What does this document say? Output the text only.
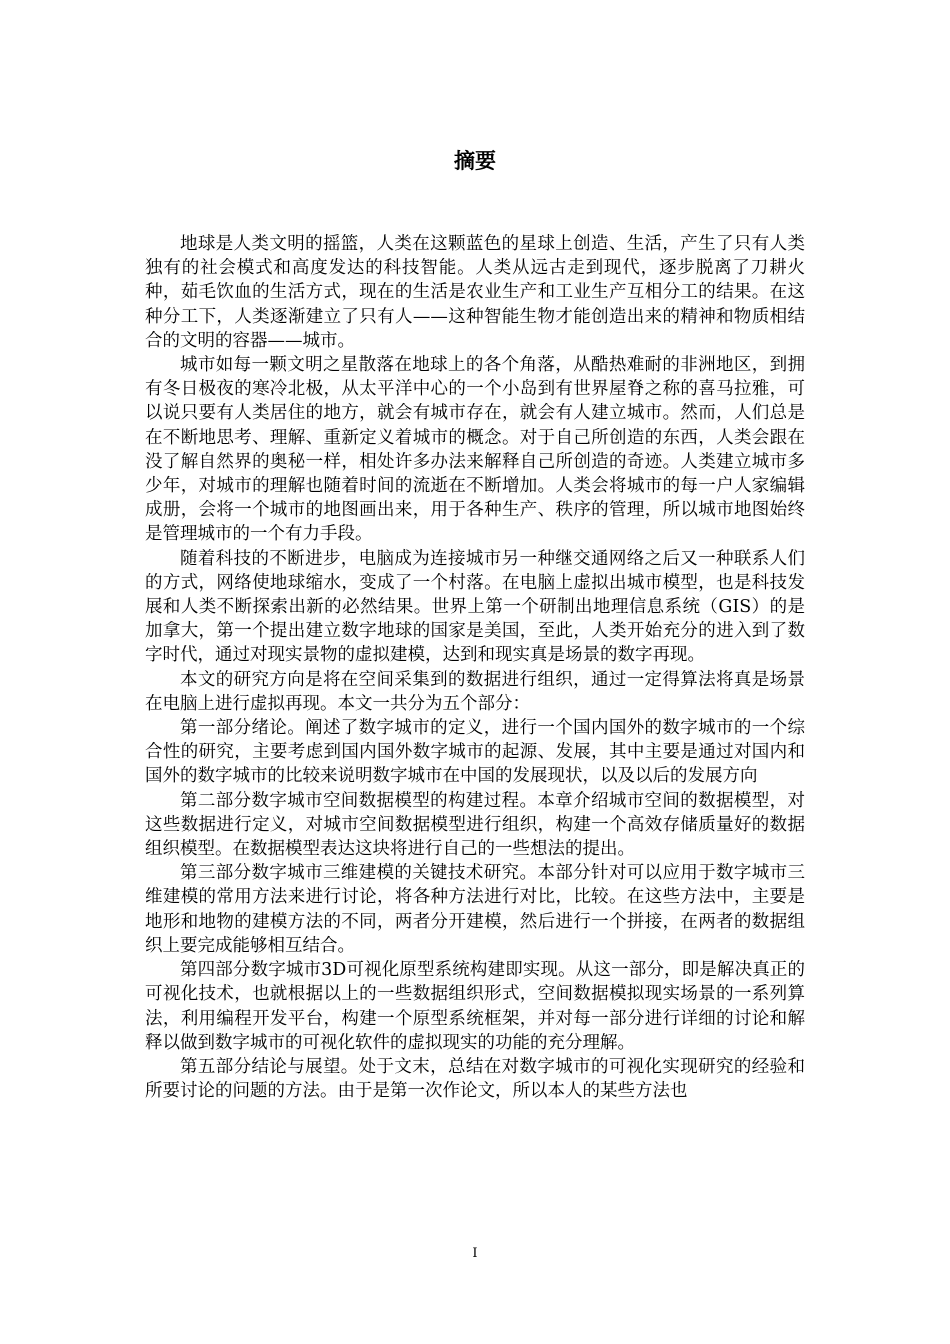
摘要

地球是人类文明的摇篮，人类在这颗蓝色的星球上创造、生活，产生了只有人类独有的社会模式和高度发达的科技智能。人类从远古走到现代，逐步脱离了刀耕火种，茹毛饮血的生活方式，现在的生活是农业生产和工业生产互相分工的结果。在这种分工下，人类逐渐建立了只有人——这种智能生物才能创造出来的精神和物质相结合的文明的容器——城市。

城市如每一颗文明之星散落在地球上的各个角落，从酷热难耐的非洲地区，到拥有冬日极夜的寒冷北极，从太平洋中心的一个小岛到有世界屋脊之称的喜马拉雅，可以说只要有人类居住的地方，就会有城市存在，就会有人建立城市。然而，人们总是在不断地思考、理解、重新定义着城市的概念。对于自己所创造的东西，人类会跟在没了解自然界的奥秘一样，相处许多办法来解释自己所创造的奇迹。人类建立城市多少年，对城市的理解也随着时间的流逝在不断增加。人类会将城市的每一户人家编辑成册，会将一个城市的地图画出来，用于各种生产、秩序的管理，所以城市地图始终是管理城市的一个有力手段。

随着科技的不断进步，电脑成为连接城市另一种继交通网络之后又一种联系人们的方式，网络使地球缩水，变成了一个村落。在电脑上虚拟出城市模型，也是科技发展和人类不断探索出新的必然结果。世界上第一个研制出地理信息系统（GIS）的是加拿大，第一个提出建立数字地球的国家是美国，至此，人类开始充分的进入到了数字时代，通过对现实景物的虚拟建模，达到和现实真是场景的数字再现。

本文的研究方向是将在空间采集到的数据进行组织，通过一定得算法将真是场景在电脑上进行虚拟再现。本文一共分为五个部分：

第一部分绪论。阐述了数字城市的定义，进行一个国内国外的数字城市的一个综合性的研究，主要考虑到国内国外数字城市的起源、发展，其中主要是通过对国内和国外的数字城市的比较来说明数字城市在中国的发展现状，以及以后的发展方向

第二部分数字城市空间数据模型的构建过程。本章介绍城市空间的数据模型，对这些数据进行定义，对城市空间数据模型进行组织，构建一个高效存储质量好的数据组织模型。在数据模型表达这块将进行自己的一些想法的提出。

第三部分数字城市三维建模的关键技术研究。本部分针对可以应用于数字城市三维建模的常用方法来进行讨论，将各种方法进行对比，比较。在这些方法中，主要是地形和地物的建模方法的不同，两者分开建模，然后进行一个拼接，在两者的数据组织上要完成能够相互结合。

第四部分数字城市3D可视化原型系统构建即实现。从这一部分，即是解决真正的可视化技术，也就根据以上的一些数据组织形式，空间数据模拟现实场景的一系列算法，利用编程开发平台，构建一个原型系统框架，并对每一部分进行详细的讨论和解释以做到数字城市的可视化软件的虚拟现实的功能的充分理解。

第五部分结论与展望。处于文末，总结在对数字城市的可视化实现研究的经验和所要讨论的问题的方法。由于是第一次作论文，所以本人的某些方法也

I
